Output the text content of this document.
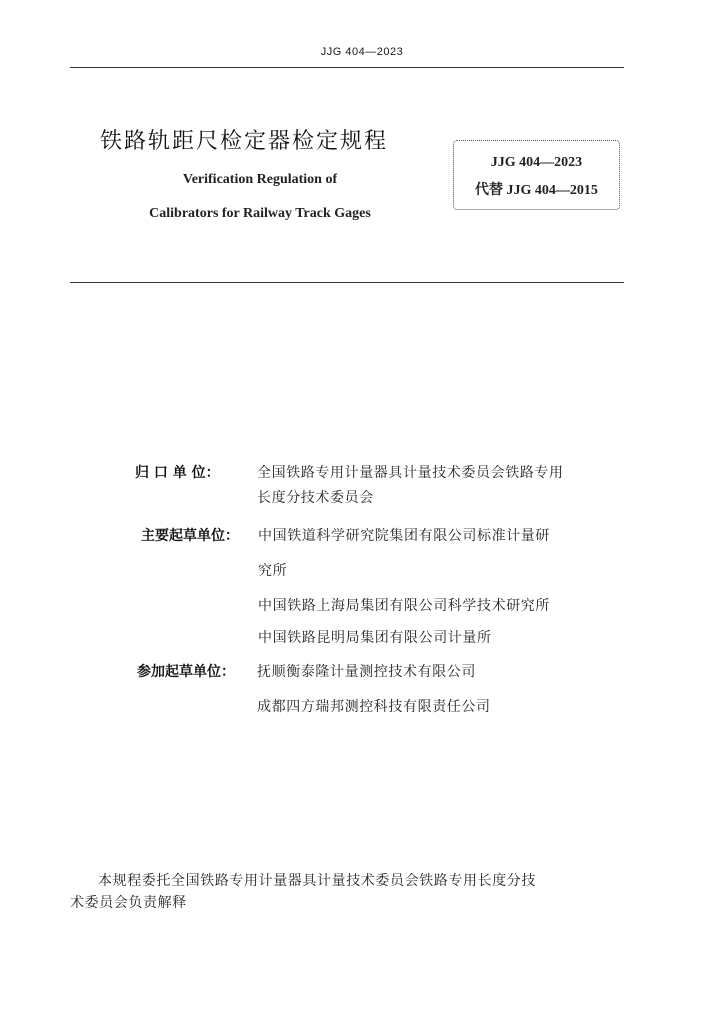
JJG 404—2023
铁路轨距尺检定器检定规程
Verification Regulation of
Calibrators for Railway Track Gages
JJG 404—2023
代替 JJG 404—2015
归 口 单 位：	全国铁路专用计量器具计量技术委员会铁路专用
长度分技术委员会
主要起草单位： 中国铁道科学研究院集团有限公司标准计量研
究所
中国铁路上海局集团有限公司科学技术研究所
中国铁路昆明局集团有限公司计量所
参加起草单位： 抚顺衡泰隆计量测控技术有限公司
成都四方瑞邦测控科技有限责任公司
本规程委托全国铁路专用计量器具计量技术委员会铁路专用长度分技
术委员会负责解释
